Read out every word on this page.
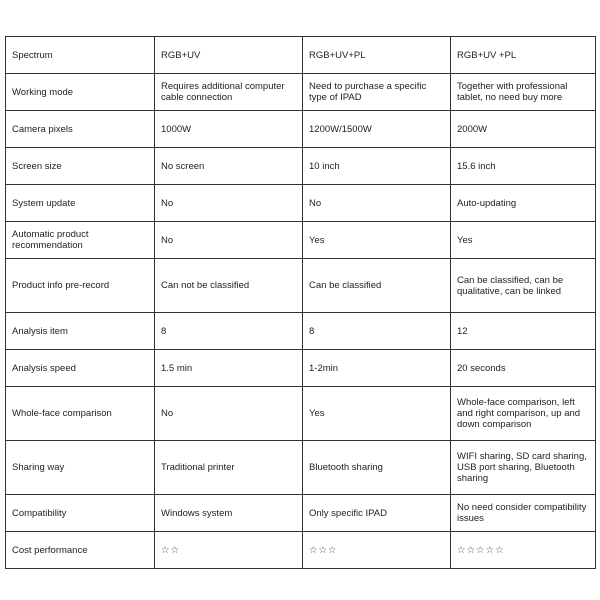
Spectrum	RGB+UV	RGB+UV+PL	RGB+UV +PL
Working mode	Requires additional computer cable connection	Need to purchase a specific type of IPAD	Together with professional tablet, no need buy more
Camera pixels	1000W	1200W/1500W	2000W
Screen size	No screen	10 inch	15.6 inch
System update	No	No	Auto-updating
Automatic product recommendation	No	Yes	Yes
Product info pre-record	Can not be classified	Can be classified	Can be classified, can be qualitative, can be linked
Analysis item	8	8	12
Analysis speed	1.5 min	1-2min	20 seconds
Whole-face comparison	No	Yes	Whole-face comparison, left and right comparison, up and down comparison
Sharing way	Traditional printer	Bluetooth sharing	WIFI sharing, SD card sharing, USB port sharing, Bluetooth sharing
Compatibility	Windows system	Only specific IPAD	No need consider compatibility issues
Cost performance	☆☆	☆☆☆	☆☆☆☆☆
